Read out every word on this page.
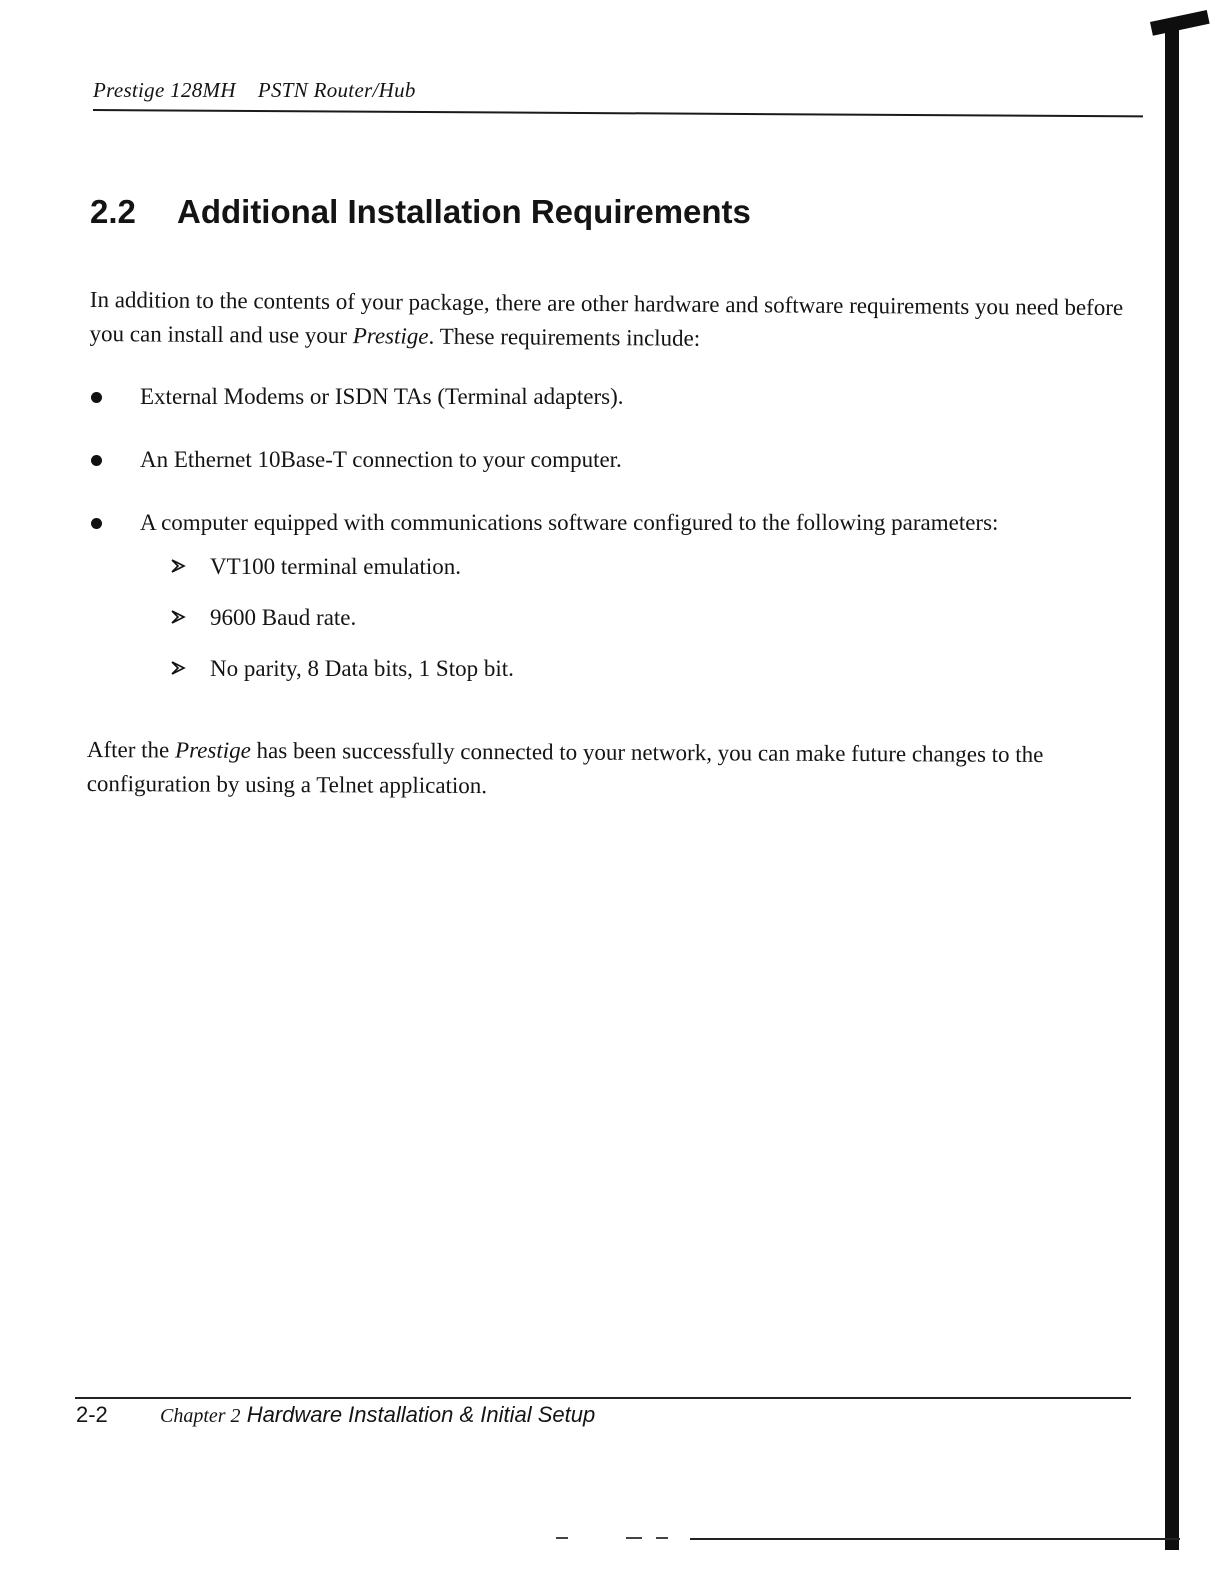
Prestige 128MH PSTN Router/Hub
2.2 Additional Installation Requirements

In addition to the contents of your package, there are other hardware and software requirements you need before you can install and use your Prestige. These requirements include:

External Modems or ISDN TAs (Terminal adapters).
An Ethernet 10Base-T connection to your computer.
A computer equipped with communications software configured to the following parameters:
VT100 terminal emulation.
9600 Baud rate.
No parity, 8 Data bits, 1 Stop bit.

After the Prestige has been successfully connected to your network, you can make future changes to the configuration by using a Telnet application.

2-2	Chapter 2 Hardware Installation & Initial Setup
